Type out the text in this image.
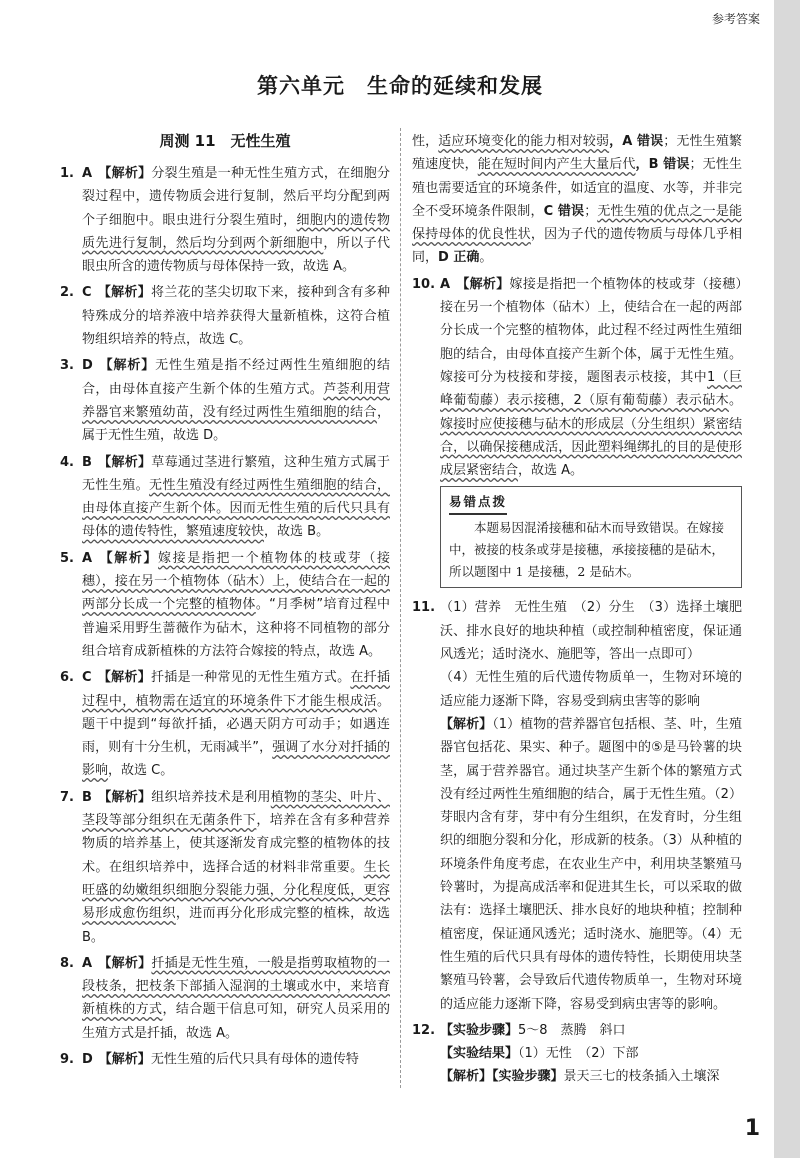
参考答案
第六单元　生命的延续和发展
周测 11　无性生殖
1. A 【解析】分裂生殖是一种无性生殖方式，在细胞分裂过程中，遗传物质会进行复制，然后平均分配到两个子细胞中。眼虫进行分裂生殖时，细胞内的遗传物质先进行复制，然后均分到两个新细胞中，所以子代眼虫所含的遗传物质与母体保持一致，故选 A。
2. C 【解析】将兰花的茎尖切取下来，接种到含有多种特殊成分的培养液中培养获得大量新植株，这符合植物组织培养的特点，故选 C。
3. D 【解析】无性生殖是指不经过两性生殖细胞的结合，由母体直接产生新个体的生殖方式。芦荟利用营养器官来繁殖幼苗，没有经过两性生殖细胞的结合，属于无性生殖，故选 D。
4. B 【解析】草莓通过茎进行繁殖，这种生殖方式属于无性生殖。无性生殖没有经过两性生殖细胞的结合，由母体直接产生新个体。因而无性生殖的后代只具有母体的遗传特性，繁殖速度较快，故选 B。
5. A 【解析】嫁接是指把一个植物体的枝或芽（接穗），接在另一个植物体（砧木）上，使结合在一起的两部分长成一个完整的植物体。“月季树”培育过程中普遍采用野生蔷薇作为砧木，这种将不同植物的部分组合培育成新植株的方法符合嫁接的特点，故选 A。
6. C 【解析】扦插是一种常见的无性生殖方式。在扦插过程中，植物需在适宜的环境条件下才能生根成活。题干中提到“每欲扦插，必遇天阴方可动手；如遇连雨，则有十分生机，无雨减半”，强调了水分对扦插的影响，故选 C。
7. B 【解析】组织培养技术是利用植物的茎尖、叶片、茎段等部分组织在无菌条件下，培养在含有多种营养物质的培养基上，使其逐渐发育成完整的植物体的技术。在组织培养中，选择合适的材料非常重要。生长旺盛的幼嫩组织细胞分裂能力强，分化程度低，更容易形成愈伤组织，进而再分化形成完整的植株，故选 B。
8. A 【解析】扦插是无性生殖，一般是指剪取植物的一段枝条，把枝条下部插入湿润的土壤或水中，来培育新植株的方式，结合题干信息可知，研究人员采用的生殖方式是扦插，故选 A。
9. D 【解析】无性生殖的后代只具有母体的遗传特
性，适应环境变化的能力相对较弱，A 错误；无性生殖繁殖速度快，能在短时间内产生大量后代，B 错误；无性生殖也需要适宜的环境条件，如适宜的温度、水等，并非完全不受环境条件限制，C 错误；无性生殖的优点之一是能保持母体的优良性状，因为子代的遗传物质与母体几乎相同，D 正确。
10. A 【解析】嫁接是指把一个植物体的枝或芽（接穗）接在另一个植物体（砧木）上，使结合在一起的两部分长成一个完整的植物体，此过程不经过两性生殖细胞的结合，由母体直接产生新个体，属于无性生殖。嫁接可分为枝接和芽接，题图表示枝接，其中1（巨峰葡萄藤）表示接穗，2（原有葡萄藤）表示砧木。嫁接时应使接穗与砧木的形成层（分生组织）紧密结合，以确保接穗成活，因此塑料绳绑扎的目的是使形成层紧密结合，故选 A。
易错点拨

本题易因混淆接穗和砧木而导致错误。在嫁接中，被接的枝条或芽是接穗，承接接穗的是砧木，所以题图中 1 是接穗，2 是砧木。

11. （1）营养　无性生殖　（2）分生　（3）选择土壤肥沃、排水良好的地块种植（或控制种植密度，保证通风透光；适时浇水、施肥等，答出一点即可）
（4）无性生殖的后代遗传物质单一，生物对环境的适应能力逐渐下降，容易受到病虫害等的影响
【解析】（1）植物的营养器官包括根、茎、叶，生殖器官包括花、果实、种子。题图中的⑤是马铃薯的块茎，属于营养器官。通过块茎产生新个体的繁殖方式没有经过两性生殖细胞的结合，属于无性生殖。（2）芽眼内含有芽，芽中有分生组织，在发育时，分生组织的细胞分裂和分化，形成新的枝条。（3）从种植的环境条件角度考虑，在农业生产中，利用块茎繁殖马铃薯时，为提高成活率和促进其生长，可以采取的做法有：选择土壤肥沃、排水良好的地块种植；控制种植密度，保证通风透光；适时浇水、施肥等。（4）无性生殖的后代只具有母体的遗传特性，长期使用块茎繁殖马铃薯，会导致后代遗传物质单一，生物对环境的适应能力逐渐下降，容易受到病虫害等的影响。
12. 【实验步骤】5～8　蒸腾　斜口
【实验结果】（1）无性　（2）下部
【解析】【实验步骤】景天三七的枝条插入土壤深
1
